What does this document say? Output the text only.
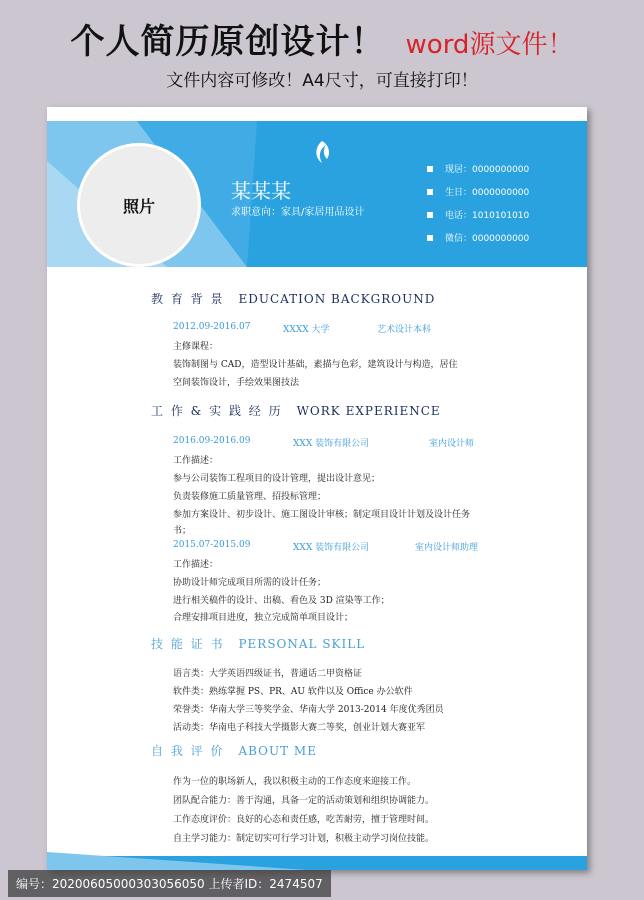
个人简历原创设计！ word源文件！
文件内容可修改！A4尺寸，可直接打印！
照片
某某某
求职意向：家具/家居用品设计
现居：0000000000
生日：0000000000
电话：1010101010
微信：0000000000
教 育 背 景 EDUCATION BACKGROUND
2012.09-2016.07	XXXX 大学	艺术设计本科
主修课程：
装饰制图与 CAD，造型设计基础，素描与色彩，建筑设计与构造，居住
空间装饰设计，手绘效果图技法
工 作 & 实 践 经 历 WORK EXPERIENCE
2016.09-2016.09	XXX 装饰有限公司	室内设计师
工作描述：
参与公司装饰工程项目的设计管理，提出设计意见；
负责装修施工质量管理、招投标管理；
参加方案设计、初步设计、施工图设计审核；制定项目设计计划及设计任务
书；
2015.07-2015.09	XXX 装饰有限公司	室内设计师助理
工作描述：
协助设计师完成项目所需的设计任务；
进行相关稿件的设计、出稿、看色及 3D 渲染等工作；
合理安排项目进度，独立完成简单项目设计；
技 能 证 书 PERSONAL SKILL
语言类：大学英语四级证书，普通话二甲资格证
软件类：熟练掌握 PS、PR、AU 软件以及 Office 办公软件
荣誉类：华南大学三等奖学金、华南大学 2013-2014 年度优秀团员
活动类：华南电子科技大学摄影大赛二等奖，创业计划大赛亚军
自 我 评 价 ABOUT ME
作为一位的职场新人，我以积极主动的工作态度来迎接工作。
团队配合能力：善于沟通，具备一定的活动策划和组织协调能力。
工作态度评价：良好的心态和责任感，吃苦耐劳，擅于管理时间。
自主学习能力：制定切实可行学习计划，积极主动学习岗位技能。
编号：20200605000303056050 上传者ID：2474507
